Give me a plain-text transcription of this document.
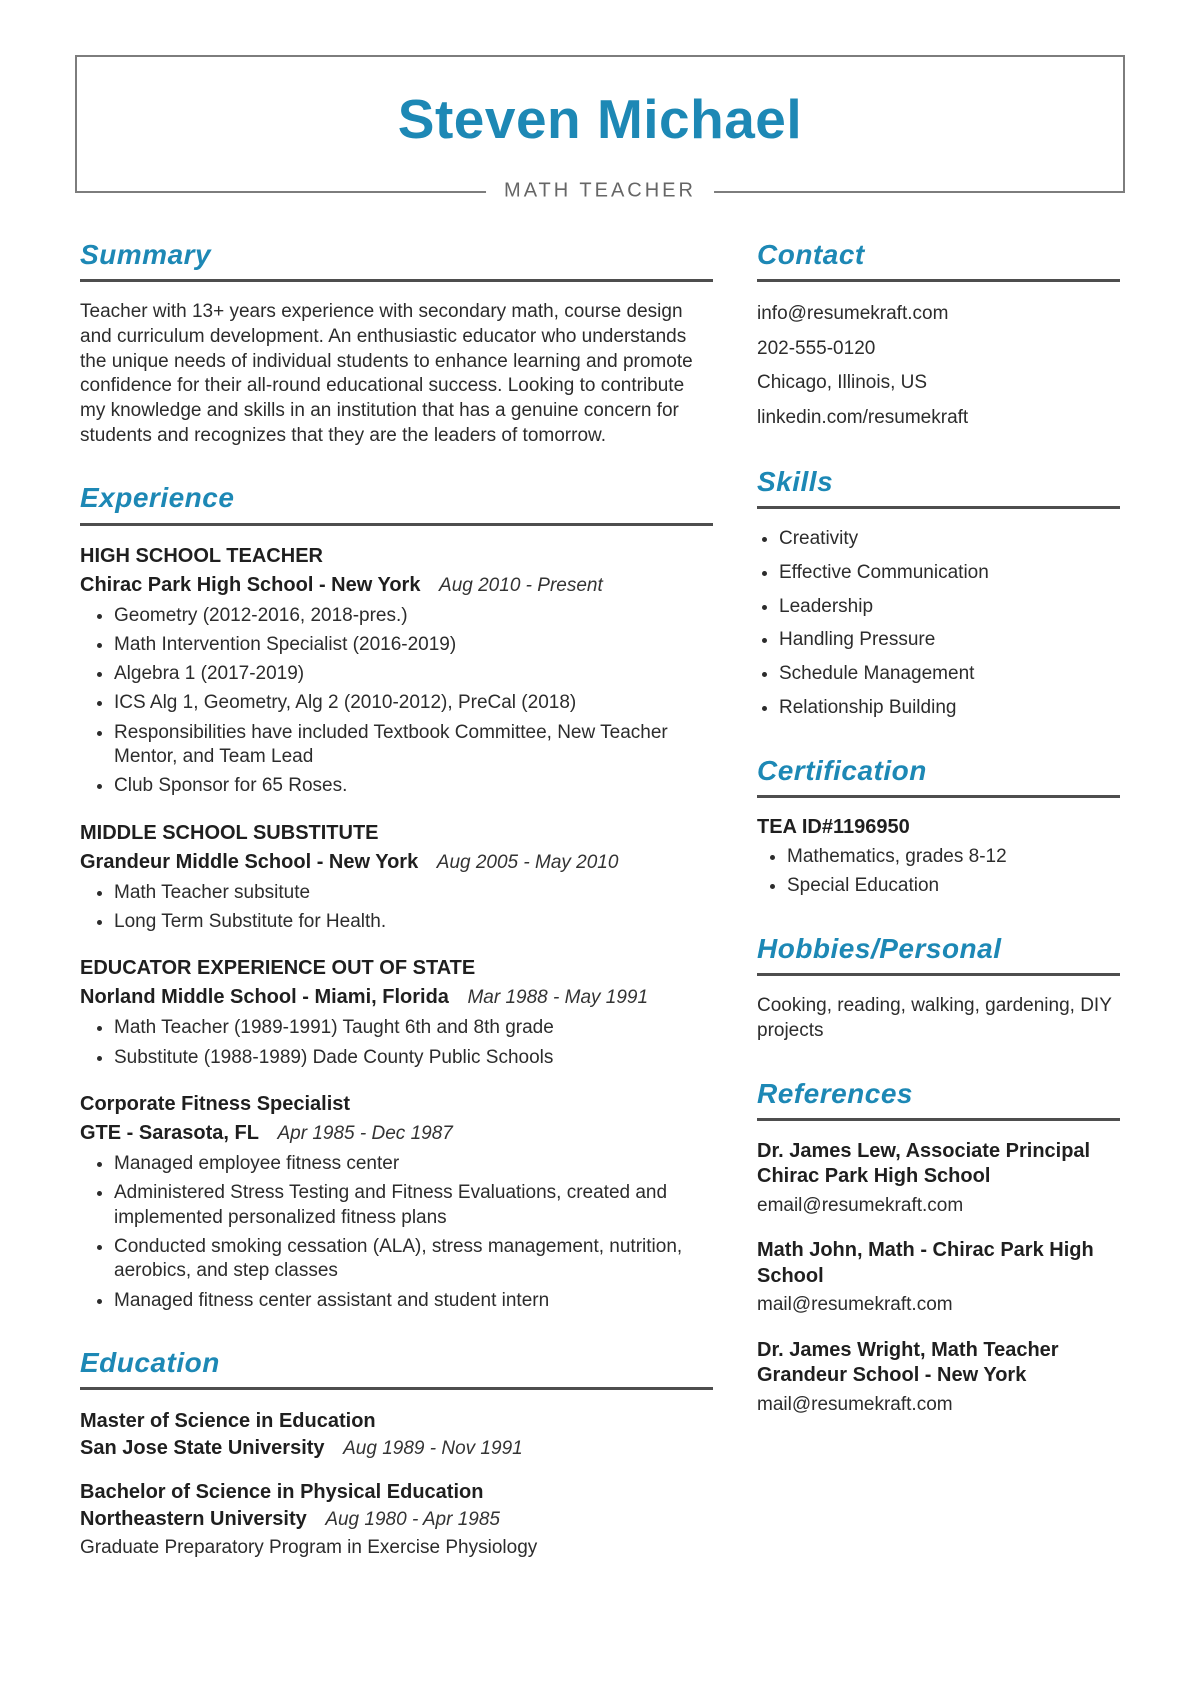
Steven Michael
MATH TEACHER
Summary

Teacher with 13+ years experience with secondary math, course design and curriculum development. An enthusiastic educator who understands the unique needs of individual students to enhance learning and promote confidence for their all-round educational success. Looking to contribute my knowledge and skills in an institution that has a genuine concern for students and recognizes that they are the leaders of tomorrow.

Experience
HIGH SCHOOL TEACHER
Chirac Park High School - New York Aug 2010 - Present
• Geometry (2012-2016, 2018-pres.)
• Math Intervention Specialist (2016-2019)
• Algebra 1 (2017-2019)
• ICS Alg 1, Geometry, Alg 2 (2010-2012), PreCal (2018)
• Responsibilities have included Textbook Committee, New Teacher Mentor, and Team Lead
• Club Sponsor for 65 Roses.
MIDDLE SCHOOL SUBSTITUTE
Grandeur Middle School - New York Aug 2005 - May 2010
• Math Teacher subsitute
• Long Term Substitute for Health.
EDUCATOR EXPERIENCE OUT OF STATE
Norland Middle School - Miami, Florida Mar 1988 - May 1991
• Math Teacher (1989-1991) Taught 6th and 8th grade
• Substitute (1988-1989) Dade County Public Schools
Corporate Fitness Specialist
GTE - Sarasota, FL Apr 1985 - Dec 1987
• Managed employee fitness center
• Administered Stress Testing and Fitness Evaluations, created and implemented personalized fitness plans
• Conducted smoking cessation (ALA), stress management, nutrition, aerobics, and step classes
• Managed fitness center assistant and student intern
Education
Master of Science in Education
San Jose State University Aug 1989 - Nov 1991
Bachelor of Science in Physical Education
Northeastern University Aug 1980 - Apr 1985
Graduate Preparatory Program in Exercise Physiology
Contact

info@resumekraft.com

202-555-0120

Chicago, Illinois, US

linkedin.com/resumekraft

Skills
• Creativity
• Effective Communication
• Leadership
• Handling Pressure
• Schedule Management
• Relationship Building
Certification

TEA ID#1196950

• Mathematics, grades 8-12
• Special Education
Hobbies/Personal

Cooking, reading, walking, gardening, DIY projects

References
Dr. James Lew, Associate Principal Chirac Park High School
email@resumekraft.com
Math John, Math - Chirac Park High School
mail@resumekraft.com
Dr. James Wright, Math Teacher Grandeur School - New York
mail@resumekraft.com
